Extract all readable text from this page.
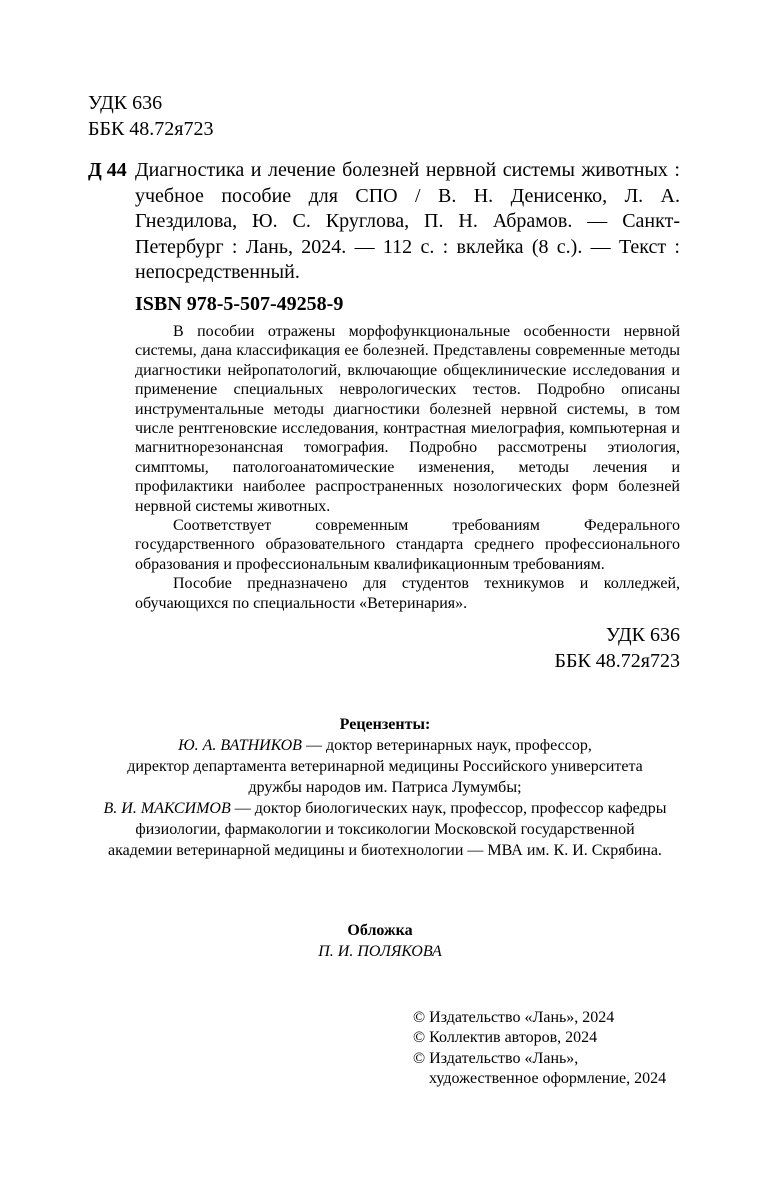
УДК 636
ББК 48.72я723
Д 44 Диагностика и лечение болезней нервной системы животных : учебное пособие для СПО / В. Н. Денисенко, Л. А. Гнездилова, Ю. С. Круглова, П. Н. Абрамов. — Санкт-Петербург : Лань, 2024. — 112 с. : вклейка (8 с.). — Текст : непосредственный.
ISBN 978-5-507-49258-9

В пособии отражены морфофункциональные особенности нервной системы, дана классификация ее болезней. Представлены современные методы диагностики нейропатологий, включающие общеклинические исследования и применение специальных неврологических тестов. Подробно описаны инструментальные методы диагностики болезней нервной системы, в том числе рентгеновские исследования, контрастная миелография, компьютерная и магнитнорезонансная томография. Подробно рассмотрены этиология, симптомы, патологоанатомические изменения, методы лечения и профилактики наиболее распространенных нозологических форм болезней нервной системы животных.

Соответствует современным требованиям Федерального государственного образовательного стандарта среднего профессионального образования и профессиональным квалификационным требованиям.

Пособие предназначено для студентов техникумов и колледжей, обучающихся по специальности «Ветеринария».

УДК 636
ББК 48.72я723
Рецензенты:
Ю. А. ВАТНИКОВ — доктор ветеринарных наук, профессор,
директор департамента ветеринарной медицины Российского университета
дружбы народов им. Патриса Лумумбы;
В. И. МАКСИМОВ — доктор биологических наук, профессор, профессор кафедры
физиологии, фармакологии и токсикологии Московской государственной
академии ветеринарной медицины и биотехнологии — МВА им. К. И. Скрябина.
Обложка
П. И. ПОЛЯКОВА
© Издательство «Лань», 2024
© Коллектив авторов, 2024
© Издательство «Лань»,
художественное оформление, 2024
